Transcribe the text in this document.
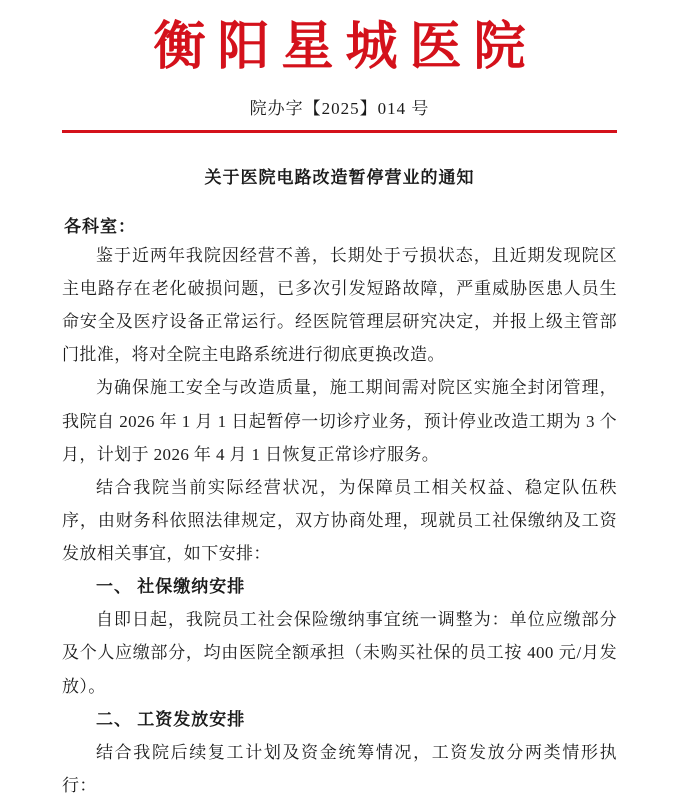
衡阳星城医院
院办字【2025】014 号
关于医院电路改造暂停营业的通知
各科室：

鉴于近两年我院因经营不善，长期处于亏损状态，且近期发现院区主电路存在老化破损问题，已多次引发短路故障，严重威胁医患人员生命安全及医疗设备正常运行。经医院管理层研究决定，并报上级主管部门批准，将对全院主电路系统进行彻底更换改造。

为确保施工安全与改造质量，施工期间需对院区实施全封闭管理，我院自 2026 年 1 月 1 日起暂停一切诊疗业务，预计停业改造工期为 3 个月，计划于 2026 年 4 月 1 日恢复正常诊疗服务。

结合我院当前实际经营状况，为保障员工相关权益、稳定队伍秩序，由财务科依照法律规定，双方协商处理，现就员工社保缴纳及工资发放相关事宜，如下安排：

一、 社保缴纳安排

自即日起，我院员工社会保险缴纳事宜统一调整为：单位应缴部分及个人应缴部分，均由医院全额承担（未购买社保的员工按 400 元/月发放）。

二、 工资发放安排

结合我院后续复工计划及资金统筹情况，工资发放分两类情形执行：
